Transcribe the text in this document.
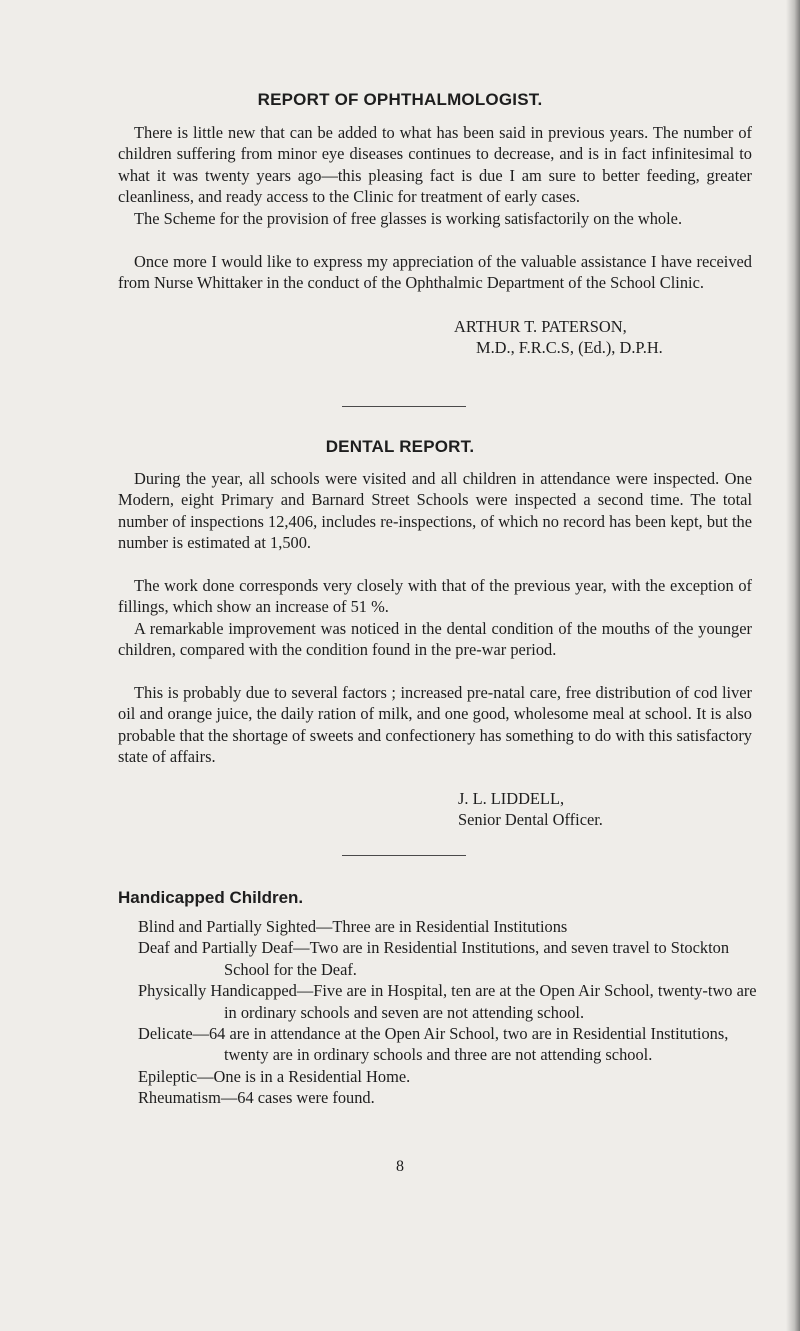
REPORT OF OPHTHALMOLOGIST.

There is little new that can be added to what has been said in previous years. The number of children suffering from minor eye diseases continues to decrease, and is in fact infinitesimal to what it was twenty years ago—this pleasing fact is due I am sure to better feeding, greater cleanliness, and ready access to the Clinic for treatment of early cases.

The Scheme for the provision of free glasses is working satisfactorily on the whole.

Once more I would like to express my appreciation of the valuable assistance I have received from Nurse Whittaker in the conduct of the Ophthalmic Department of the School Clinic.

ARTHUR T. PATERSON,
M.D., F.R.C.S, (Ed.), D.P.H.
DENTAL REPORT.

During the year, all schools were visited and all children in attendance were inspected. One Modern, eight Primary and Barnard Street Schools were inspected a second time. The total number of inspections 12,406, includes re-inspections, of which no record has been kept, but the number is estimated at 1,500.

The work done corresponds very closely with that of the previous year, with the exception of fillings, which show an increase of 51 %.

A remarkable improvement was noticed in the dental condition of the mouths of the younger children, compared with the condition found in the pre-war period.

This is probably due to several factors ; increased pre-natal care, free distribution of cod liver oil and orange juice, the daily ration of milk, and one good, wholesome meal at school. It is also probable that the shortage of sweets and confectionery has something to do with this satisfactory state of affairs.

J. L. LIDDELL,
Senior Dental Officer.
Handicapped Children.
Blind and Partially Sighted—Three are in Residential Institutions
Deaf and Partially Deaf—Two are in Residential Institutions, and seven travel to Stockton School for the Deaf.
Physically Handicapped—Five are in Hospital, ten are at the Open Air School, twenty-two are in ordinary schools and seven are not attending school.
Delicate—64 are in attendance at the Open Air School, two are in Residential Institutions, twenty are in ordinary schools and three are not attending school.
Epileptic—One is in a Residential Home.
Rheumatism—64 cases were found.
8
